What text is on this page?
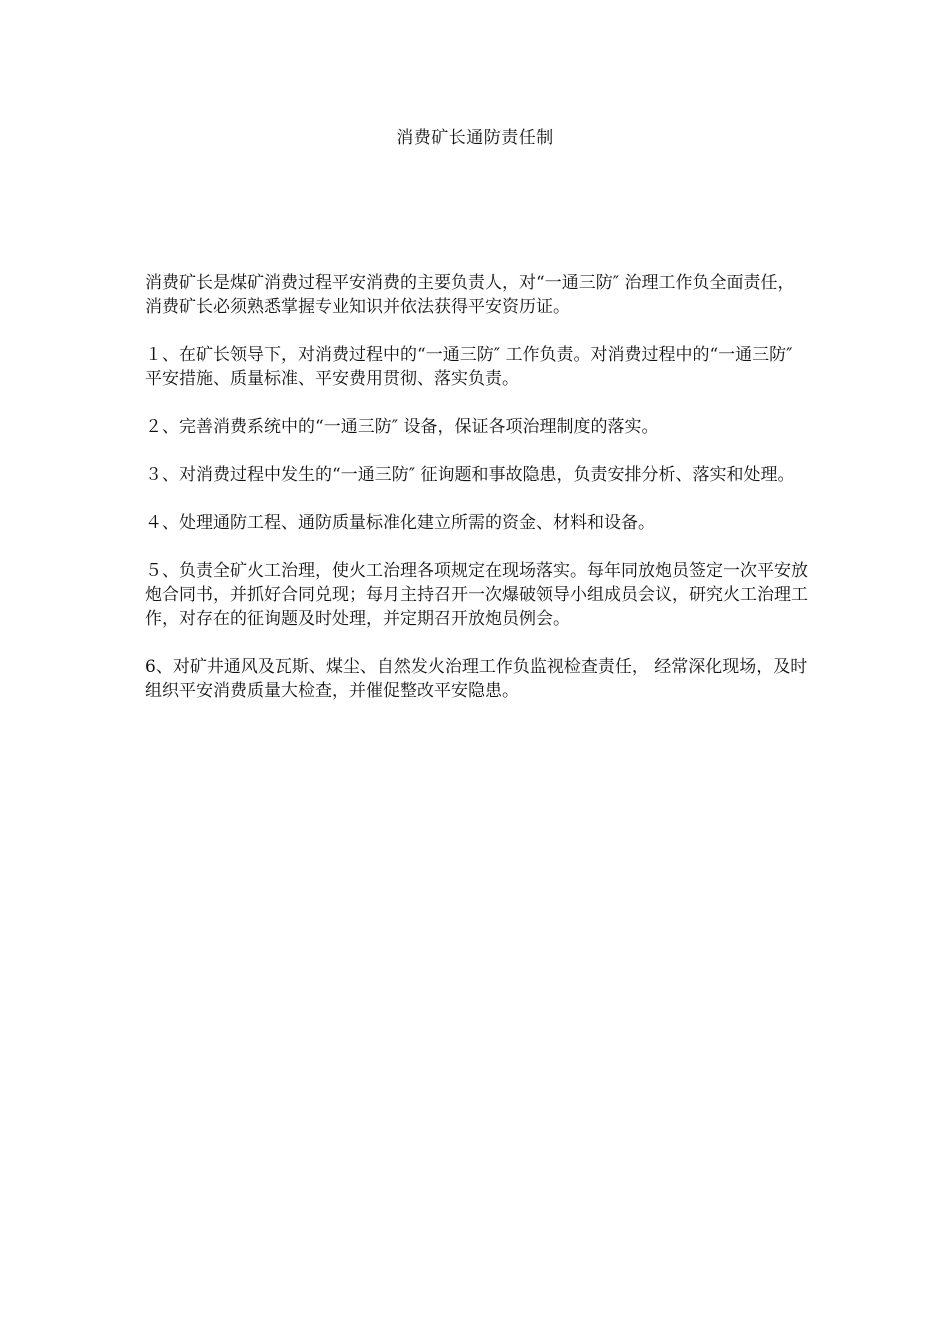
消费矿长通防责任制

消费矿长是煤矿消费过程平安消费的主要负责人，对“一通三防″ 治理工作负全面责任，消费矿长必须熟悉掌握专业知识并依法获得平安资历证。

１、在矿长领导下，对消费过程中的“一通三防″ 工作负责。对消费过程中的“一通三防″ 平安措施、质量标准、平安费用贯彻、落实负责。

２、完善消费系统中的“一通三防″ 设备，保证各项治理制度的落实。

３、对消费过程中发生的“一通三防″ 征询题和事故隐患，负责安排分析、落实和处理。

４、处理通防工程、通防质量标准化建立所需的资金、材料和设备。

５、负责全矿火工治理，使火工治理各项规定在现场落实。每年同放炮员签定一次平安放炮合同书，并抓好合同兑现；每月主持召开一次爆破领导小组成员会议，研究火工治理工作，对存在的征询题及时处理，并定期召开放炮员例会。

6、对矿井通风及瓦斯、煤尘、自然发火治理工作负监视检查责任， 经常深化现场，及时组织平安消费质量大检查，并催促整改平安隐患。
